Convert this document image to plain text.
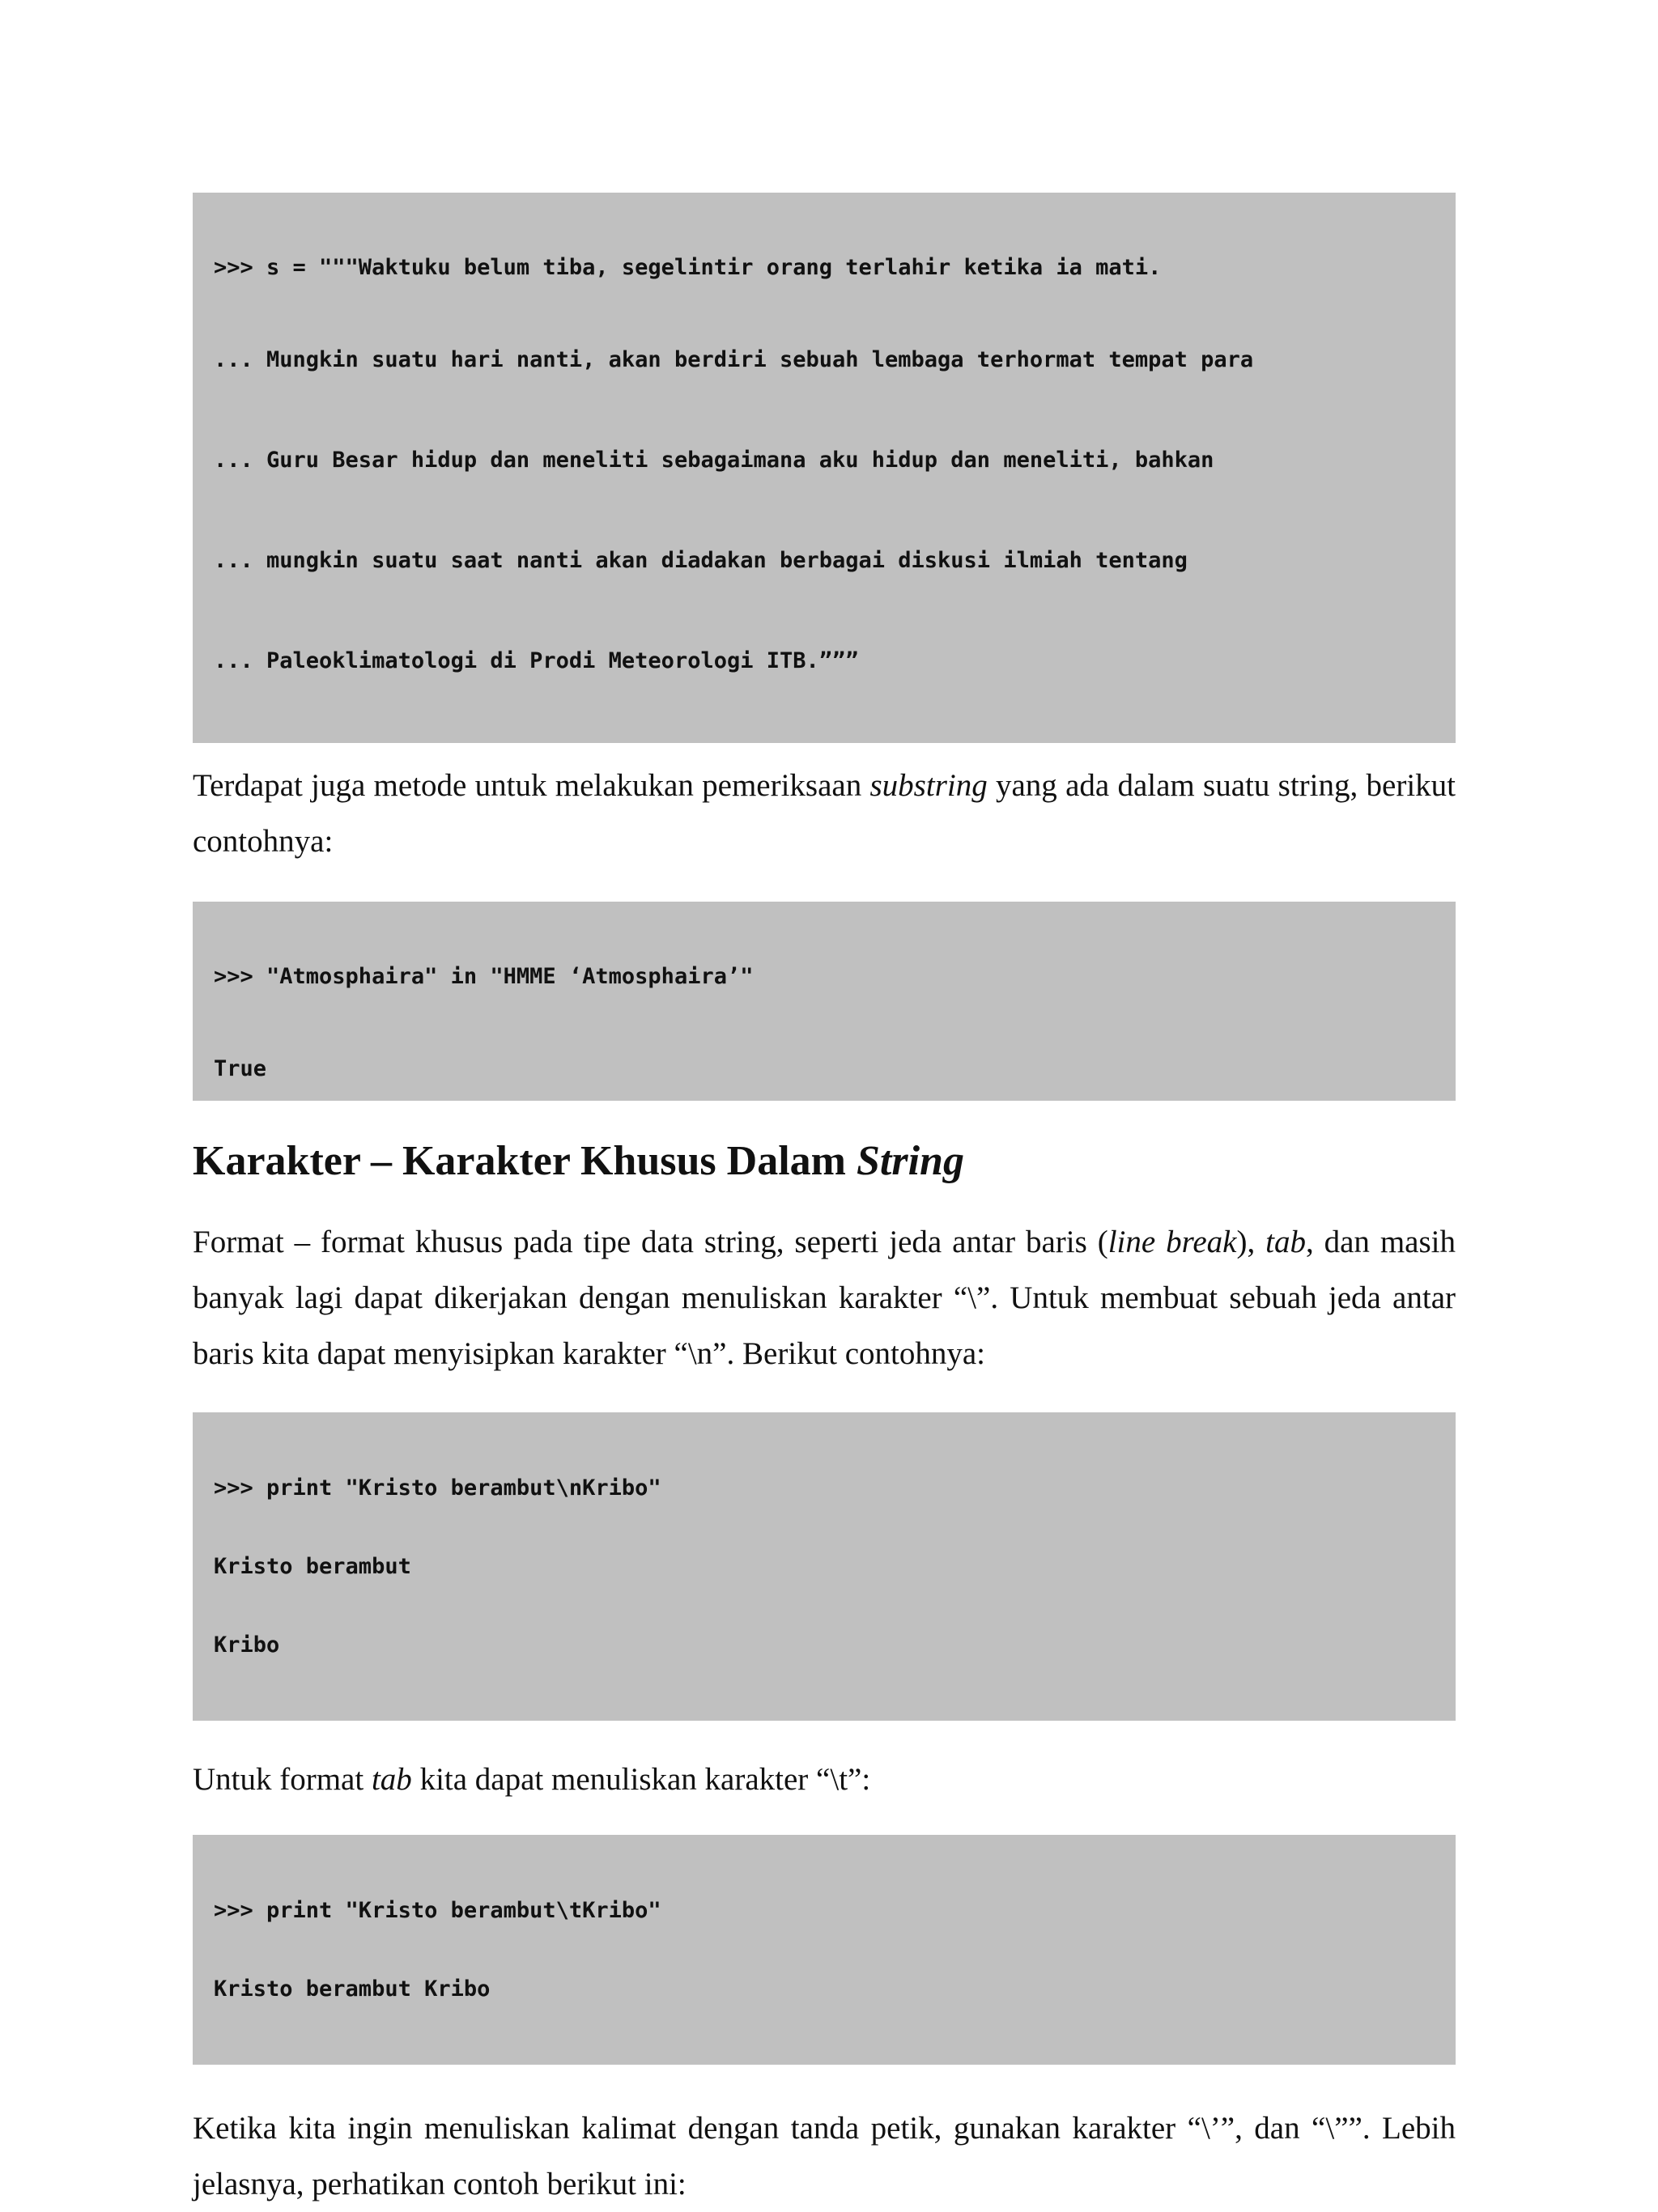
>>> s = """Waktuku belum tiba, segelintir orang terlahir ketika ia mati.

... Mungkin suatu hari nanti, akan berdiri sebuah lembaga terhormat tempat para

... Guru Besar hidup dan meneliti sebagaimana aku hidup dan meneliti, bahkan

... mungkin suatu saat nanti akan diadakan berbagai diskusi ilmiah tentang

... Paleoklimatologi di Prodi Meteorologi ITB.”””

Terdapat juga metode untuk melakukan pemeriksaan substring yang ada dalam suatu string, berikut contohnya:

>>> "Atmosphaira" in "HMME ‘Atmosphaira’"

True

Karakter – Karakter Khusus Dalam String

Format – format khusus pada tipe data string, seperti jeda antar baris (line break), tab, dan masih banyak lagi dapat dikerjakan dengan menuliskan karakter “\”. Untuk membuat sebuah jeda antar baris kita dapat menyisipkan karakter “\n”. Berikut contohnya:

>>> print "Kristo berambut\nKribo"

Kristo berambut

Kribo

Untuk format tab kita dapat menuliskan karakter “\t”:

>>> print "Kristo berambut\tKribo"

Kristo berambut	Kribo

Ketika kita ingin menuliskan kalimat dengan tanda petik, gunakan karakter “\’”, dan “\””. Lebih jelasnya, perhatikan contoh berikut ini:
